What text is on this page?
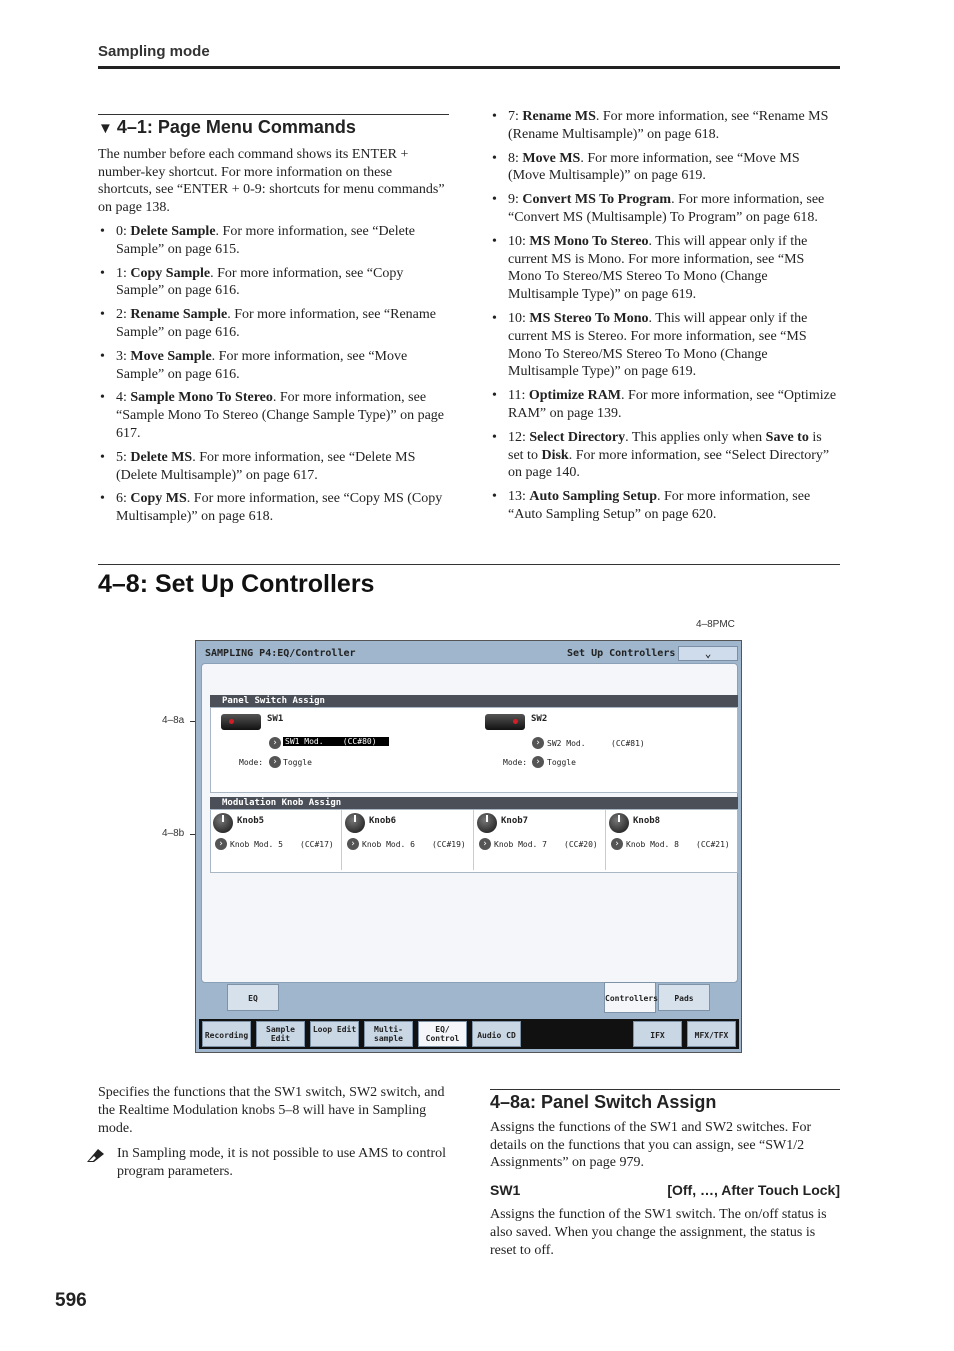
Sampling mode
▼ 4–1: Page Menu Commands

The number before each command shows its ENTER + number-key shortcut. For more information on these shortcuts, see “ENTER + 0-9: shortcuts for menu commands” on page 138.

• 0: Delete Sample. For more information, see “Delete Sample” on page 615.
• 1: Copy Sample. For more information, see “Copy Sample” on page 616.
• 2: Rename Sample. For more information, see “Rename Sample” on page 616.
• 3: Move Sample. For more information, see “Move Sample” on page 616.
• 4: Sample Mono To Stereo. For more information, see “Sample Mono To Stereo (Change Sample Type)” on page 617.
• 5: Delete MS. For more information, see “Delete MS (Delete Multisample)” on page 617.
• 6: Copy MS. For more information, see “Copy MS (Copy Multisample)” on page 618.
• 7: Rename MS. For more information, see “Rename MS (Rename Multisample)” on page 618.
• 8: Move MS. For more information, see “Move MS (Move Multisample)” on page 619.
• 9: Convert MS To Program. For more information, see “Convert MS (Multisample) To Program” on page 618.
• 10: MS Mono To Stereo. This will appear only if the current MS is Mono. For more information, see “MS Mono To Stereo/MS Stereo To Mono (Change Multisample Type)” on page 619.
• 10: MS Stereo To Mono. This will appear only if the current MS is Stereo. For more information, see “MS Mono To Stereo/MS Stereo To Mono (Change Multisample Type)” on page 619.
• 11: Optimize RAM. For more information, see “Optimize RAM” on page 139.
• 12: Select Directory. This applies only when Save to is set to Disk. For more information, see “Select Directory” on page 140.
• 13: Auto Sampling Setup. For more information, see “Auto Sampling Setup” on page 620.
4–8: Set Up Controllers
4–8PMC
4–8a
4–8b
SAMPLING P4:EQ/Controller	Set Up Controllers	⌄
Panel Switch Assign
SW1
› SW1 Mod. (CC#80)
Mode:	› Toggle
SW2
› SW2 Mod.	(CC#81)
Mode: › Toggle
Modulation Knob Assign
Knob5
› Knob Mod. 5 (CC#17)
Knob6
› Knob Mod. 6 (CC#19)
Knob7
› Knob Mod. 7 (CC#20)
Knob8
› Knob Mod. 8 (CC#21)
EQ	Controllers	Pads
Recording
Sample Edit
Loop Edit	Multi-sample
EQ/ Control	Audio CD	IFX	MFX/TFX

Specifies the functions that the SW1 switch, SW2 switch, and the Realtime Modulation knobs 5–8 will have in Sampling mode.

In Sampling mode, it is not possible to use AMS to control program parameters.
4–8a: Panel Switch Assign

Assigns the functions of the SW1 and SW2 switches. For details on the functions that you can assign, see “SW1/2 Assignments” on page 979.

SW1	[Off, …, After Touch Lock]

Assigns the function of the SW1 switch. The on/off status is also saved. When you change the assignment, the status is reset to off.

596
